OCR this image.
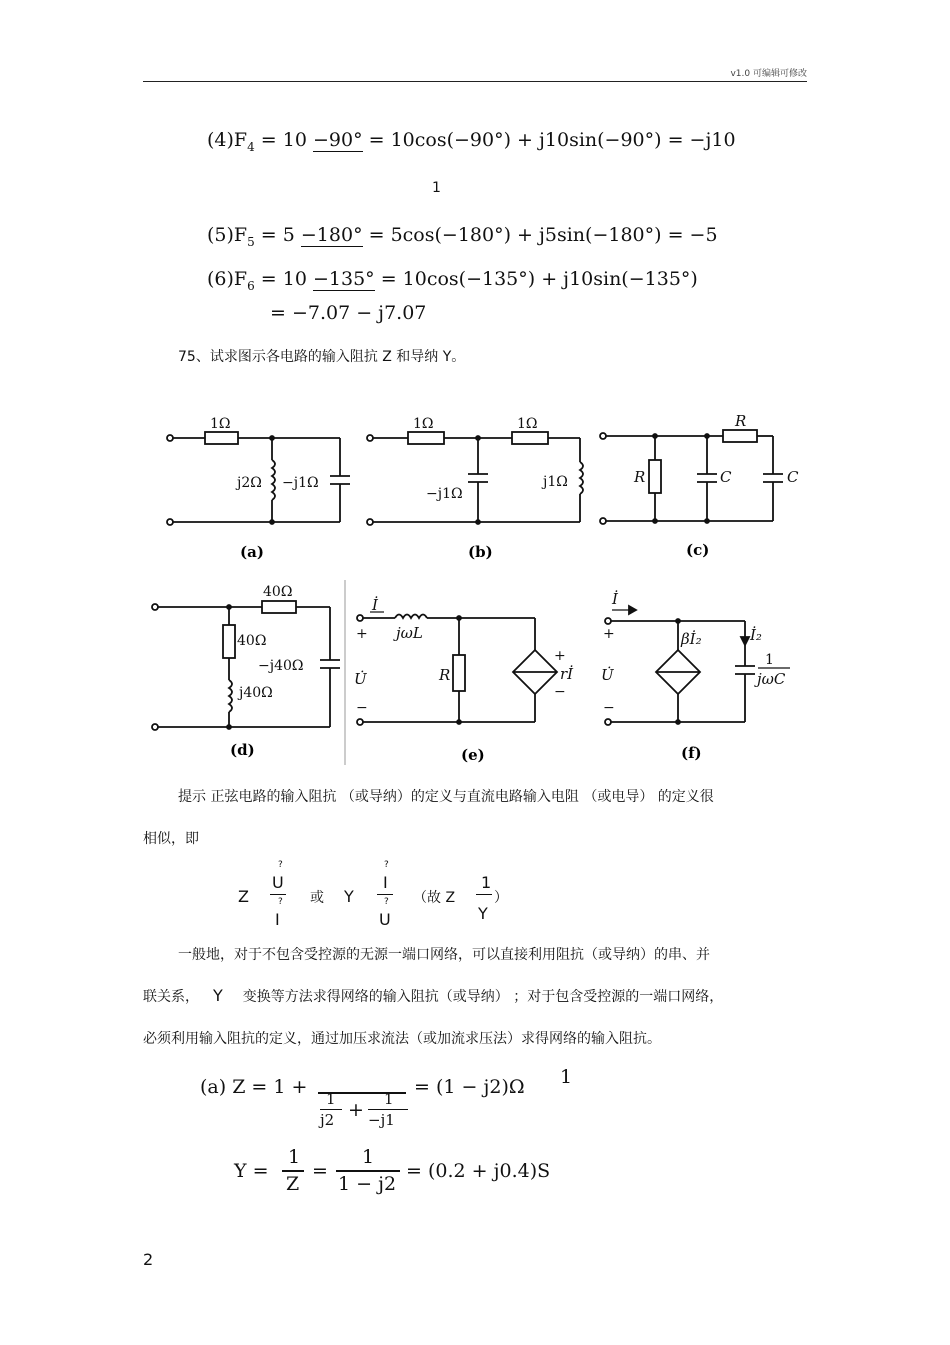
v1.0 可编辑可修改
$(4)F_4 = 10 -90^\circ = 10\cos(-90^\circ) + j10\sin(-90^\circ) = -j10$
1
$(5)F_5 = 5 -180^\circ = 5\cos(-180^\circ) + j5\sin(-180^\circ) = -5$
$(6)F_6 = 10 -135^\circ = 10\cos(-135^\circ) + j10\sin(-135^\circ)$
= −7.07 − j7.07
75、试求图示各电路的输入阻抗 Z 和导纳 Y。
1Ω
j2Ω −j1Ω
1Ω	1Ω
−j1Ω
j1Ω
R
R	C	C
40Ω
40Ω
j40Ω
−j40Ω
İ
jωL
+
U̇
−
R
+
rİ
−
İ
+
U̇
−
βİ₂	İ₂
1
jωC
(a)	(b)	(c)
(d)	(e)	(f)
提示 正弦电路的输入阻抗 （或导纳）的定义与直流电路输入电阻 （或电导） 的定义很
相似，即
Z
?
U
?
I
或 Y
?
I
?
U
（故 Z
1
Y
）
一般地，对于不包含受控源的无源一端口网络，可以直接利用阻抗（或导纳）的串、并
联关系， Y 变换等方法求得网络的输入阻抗（或导纳） ；对于包含受控源的一端口网络，
必须利用输入阻抗的定义，通过加压求流法（或加流求压法）求得网络的输入阻抗。
(a) Z = 1 +	1
1
j2 + 1
−j1
= (1 − j2)Ω
Y =
1
Z
=
1
1 − j2
= (0.2 + j0.4)S
2
